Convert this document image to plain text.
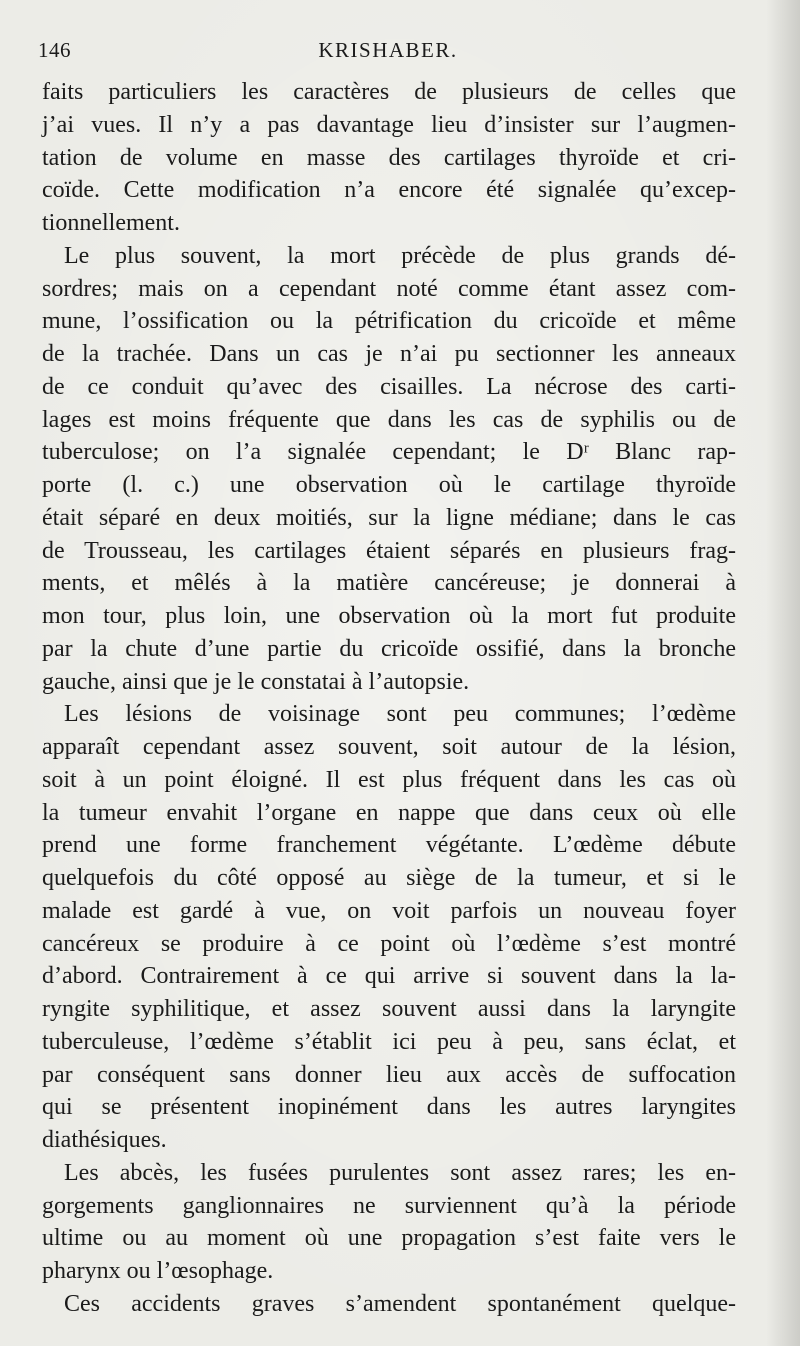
146	KRISHABER.
faits particuliers les caractères de plusieurs de celles que
j’ai vues. Il n’y a pas davantage lieu d’insister sur l’augmen-
tation de volume en masse des cartilages thyroïde et cri-
coïde. Cette modification n’a encore été signalée qu’excep-
tionnellement.
Le plus souvent, la mort précède de plus grands dé-
sordres; mais on a cependant noté comme étant assez com-
mune, l’ossification ou la pétrification du cricoïde et même
de la trachée. Dans un cas je n’ai pu sectionner les anneaux
de ce conduit qu’avec des cisailles. La nécrose des carti-
lages est moins fréquente que dans les cas de syphilis ou de
tuberculose; on l’a signalée cependant; le Dʳ Blanc rap-
porte (l. c.) une observation où le cartilage thyroïde
était séparé en deux moitiés, sur la ligne médiane; dans le cas
de Trousseau, les cartilages étaient séparés en plusieurs frag-
ments, et mêlés à la matière cancéreuse; je donnerai à
mon tour, plus loin, une observation où la mort fut produite
par la chute d’une partie du cricoïde ossifié, dans la bronche
gauche, ainsi que je le constatai à l’autopsie.
Les lésions de voisinage sont peu communes; l’œdème
apparaît cependant assez souvent, soit autour de la lésion,
soit à un point éloigné. Il est plus fréquent dans les cas où
la tumeur envahit l’organe en nappe que dans ceux où elle
prend une forme franchement végétante. L’œdème débute
quelquefois du côté opposé au siège de la tumeur, et si le
malade est gardé à vue, on voit parfois un nouveau foyer
cancéreux se produire à ce point où l’œdème s’est montré
d’abord. Contrairement à ce qui arrive si souvent dans la la-
ryngite syphilitique, et assez souvent aussi dans la laryngite
tuberculeuse, l’œdème s’établit ici peu à peu, sans éclat, et
par conséquent sans donner lieu aux accès de suffocation
qui se présentent inopinément dans les autres laryngites
diathésiques.
Les abcès, les fusées purulentes sont assez rares; les en-
gorgements ganglionnaires ne surviennent qu’à la période
ultime ou au moment où une propagation s’est faite vers le
pharynx ou l’œsophage.
Ces accidents graves s’amendent spontanément quelque-
